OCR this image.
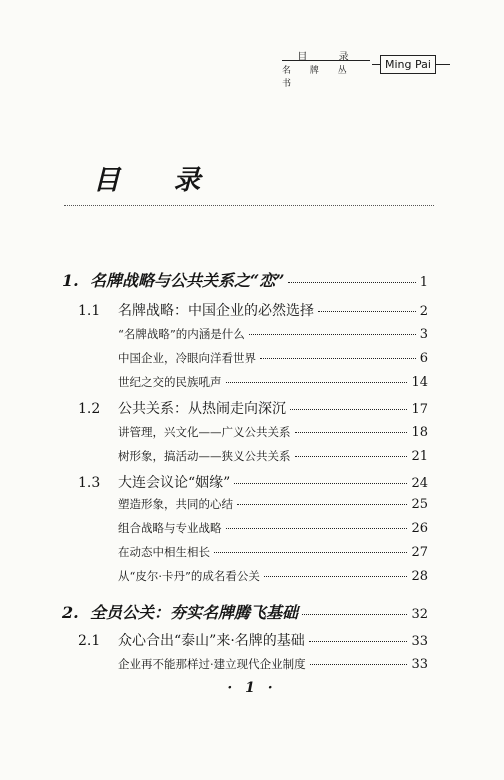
目 录
名 牌 丛 书
Ming Pai
目 录
1. 名牌战略与公共关系之“恋”	1
1.1	名牌战略：中国企业的必然选择	2
“名牌战略”的内涵是什么	3
中国企业，冷眼向洋看世界	6
世纪之交的民族吼声	14
1.2	公共关系：从热闹走向深沉	17
讲管理，兴文化——广义公共关系	18
树形象，搞活动——狭义公共关系	21
1.3	大连会议论“姻缘”	24
塑造形象，共同的心结	25
组合战略与专业战略	26
在动态中相生相长	27
从“皮尔·卡丹”的成名看公关	28
2. 全员公关：夯实名牌腾飞基础	32
2.1	众心合出“泰山”来·名牌的基础	33
企业再不能那样过·建立现代企业制度	33
· 1 ·
